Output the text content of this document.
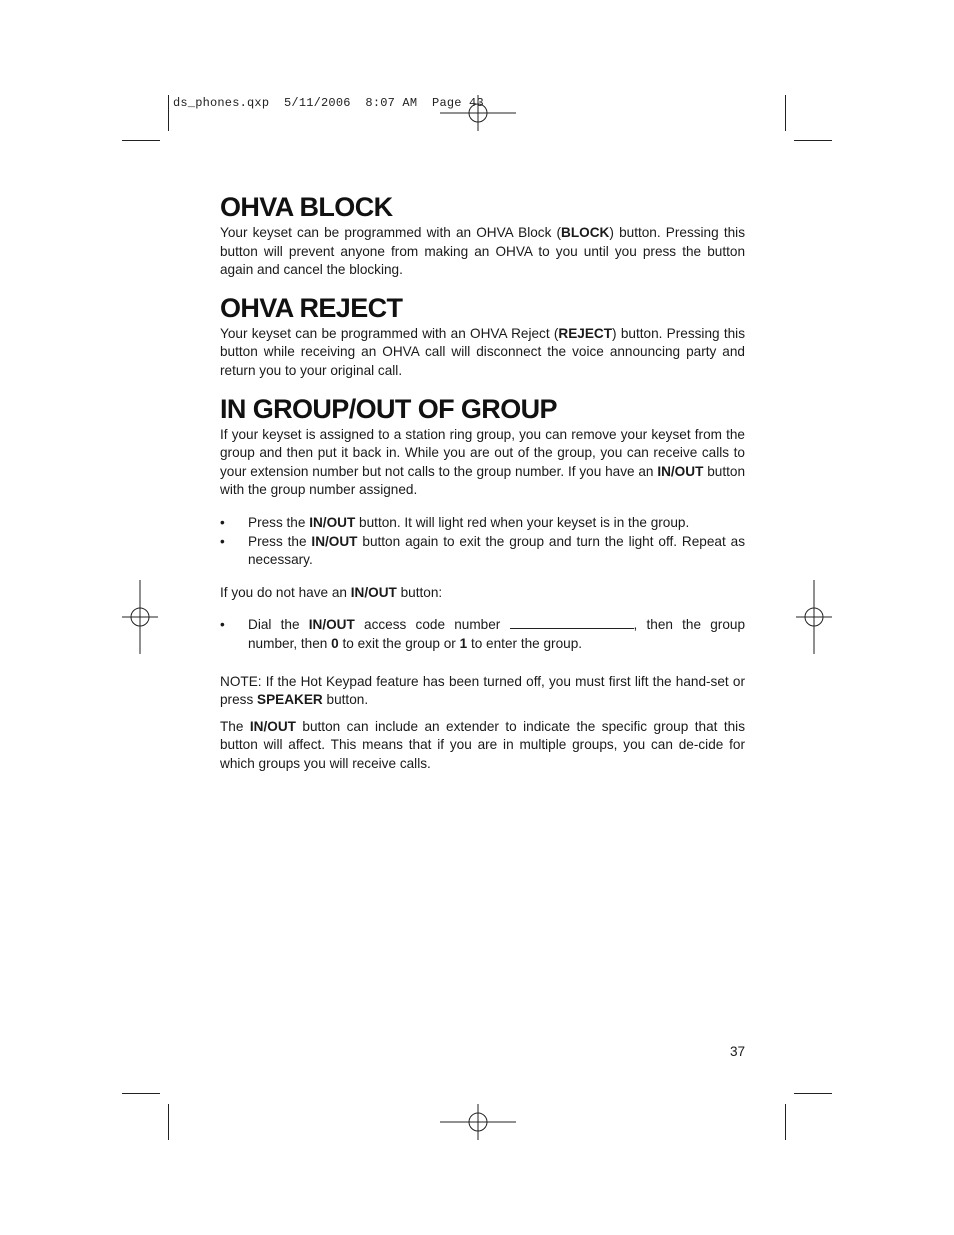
ds_phones.qxp  5/11/2006  8:07 AM  Page 43
OHVA BLOCK

Your keyset can be programmed with an OHVA Block (BLOCK) button. Pressing this button will prevent anyone from making an OHVA to you until you press the button again and cancel the blocking.

OHVA REJECT

Your keyset can be programmed with an OHVA Reject (REJECT) button. Pressing this button while receiving an OHVA call will disconnect the voice announcing party and return you to your original call.

IN GROUP/OUT OF GROUP

If your keyset is assigned to a station ring group, you can remove your keyset from the group and then put it back in. While you are out of the group, you can receive calls to your extension number but not calls to the group number. If you have an IN/OUT button with the group number assigned.

• Press the IN/OUT button. It will light red when your keyset is in the group.
• Press the IN/OUT button again to exit the group and turn the light off. Repeat as necessary.

If you do not have an IN/OUT button:

• Dial the IN/OUT access code number	, then the group number, then 0 to exit the group or 1 to enter the group.

NOTE: If the Hot Keypad feature has been turned off, you must first lift the hand-set or press SPEAKER button.

The IN/OUT button can include an extender to indicate the specific group that this button will affect. This means that if you are in multiple groups, you can de-cide for which groups you will receive calls.

37
